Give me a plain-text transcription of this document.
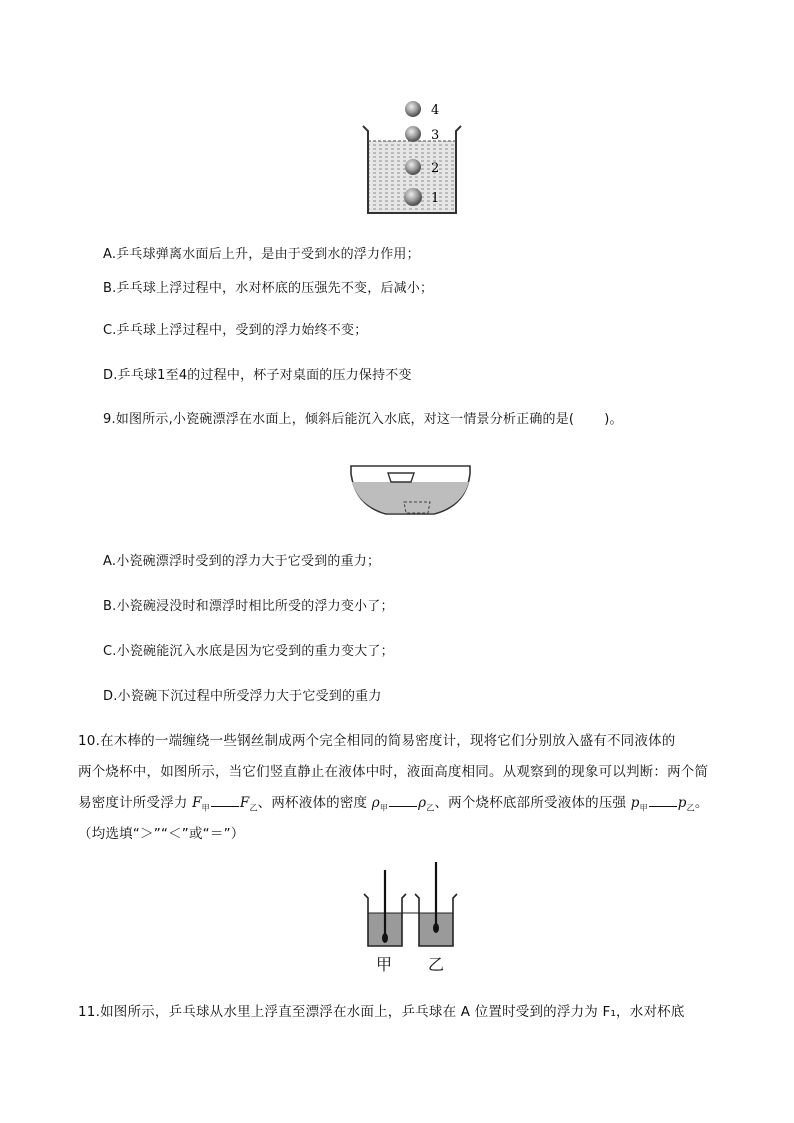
4
3
2
1
A.乒乓球弹离水面后上升，是由于受到水的浮力作用；
B.乒乓球上浮过程中，水对杯底的压强先不变，后减小；
C.乒乓球上浮过程中，受到的浮力始终不变；
D.乒乓球1至4的过程中，杯子对桌面的压力保持不变
9.如图所示,小瓷碗漂浮在水面上，倾斜后能沉入水底，对这一情景分析正确的是( )。
A.小瓷碗漂浮时受到的浮力大于它受到的重力；
B.小瓷碗浸没时和漂浮时相比所受的浮力变小了；
C.小瓷碗能沉入水底是因为它受到的重力变大了；
D.小瓷碗下沉过程中所受浮力大于它受到的重力
10.在木棒的一端缠绕一些钢丝制成两个完全相同的简易密度计，现将它们分别放入盛有不同液体的
两个烧杯中，如图所示，当它们竖直静止在液体中时，液面高度相同。从观察到的现象可以判断：两个简
易密度计所受浮力 $F_甲$ $F_乙$、两杯液体的密度 $\rho_甲$ $\rho_乙$、两个烧杯底部所受液体的压强 $p_甲$ $p_乙$。
（均选填“＞”“＜”或“＝”）
甲 乙
11.如图所示，乒乓球从水里上浮直至漂浮在水面上，乒乓球在 A 位置时受到的浮力为 F₁，水对杯底
